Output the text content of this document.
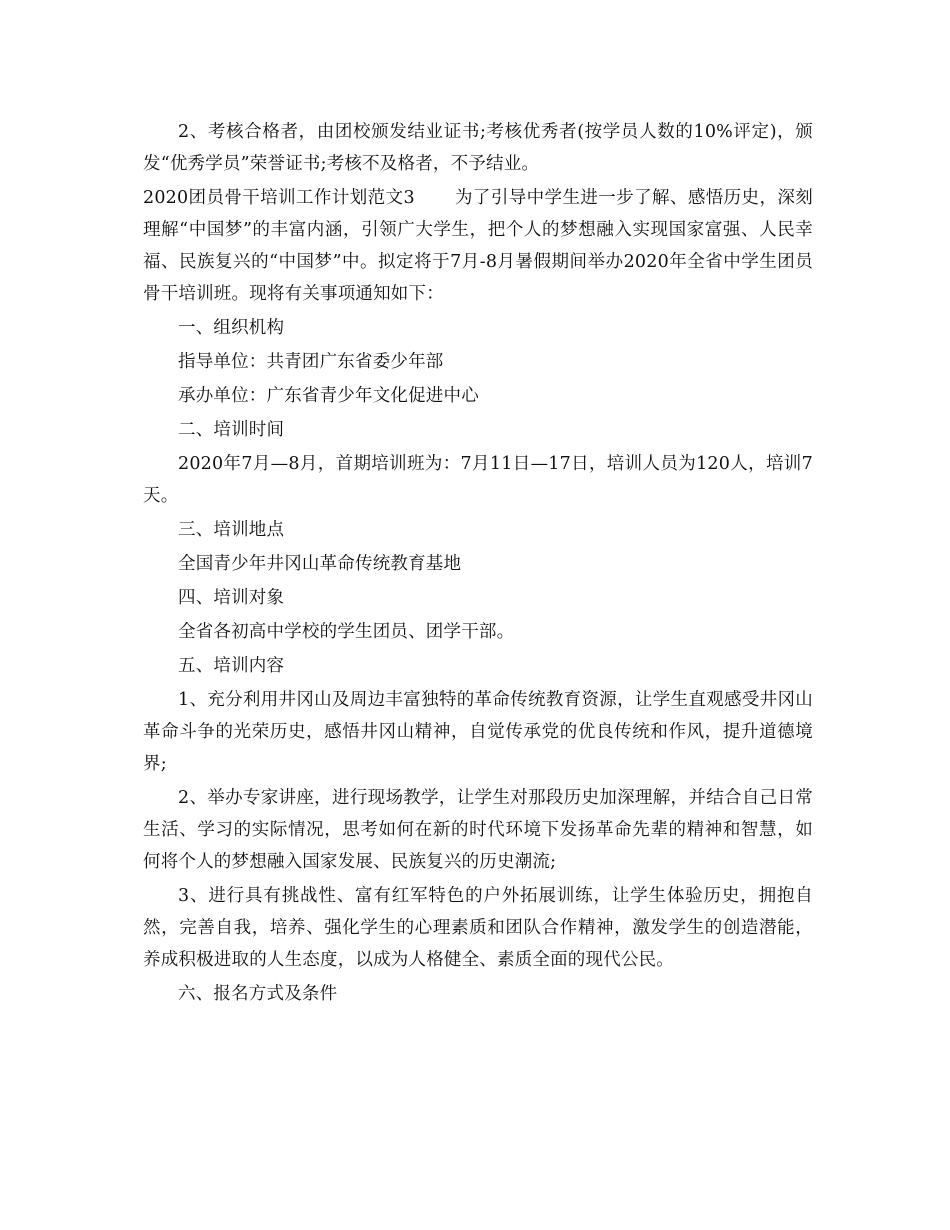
2、考核合格者，由团校颁发结业证书;考核优秀者(按学员人数的10%评定)，颁发“优秀学员”荣誉证书;考核不及格者，不予结业。

2020团员骨干培训工作计划范文3 为了引导中学生进一步了解、感悟历史，深刻理解“中国梦”的丰富内涵，引领广大学生，把个人的梦想融入实现国家富强、人民幸福、民族复兴的“中国梦”中。拟定将于7月-8月暑假期间举办2020年全省中学生团员骨干培训班。现将有关事项通知如下：

一、组织机构

指导单位：共青团广东省委少年部

承办单位：广东省青少年文化促进中心

二、培训时间

2020年7月—8月，首期培训班为：7月11日—17日，培训人员为120人，培训7天。

三、培训地点

全国青少年井冈山革命传统教育基地

四、培训对象

全省各初高中学校的学生团员、团学干部。

五、培训内容

1、充分利用井冈山及周边丰富独特的革命传统教育资源，让学生直观感受井冈山革命斗争的光荣历史，感悟井冈山精神，自觉传承党的优良传统和作风，提升道德境界;

2、举办专家讲座，进行现场教学，让学生对那段历史加深理解，并结合自己日常生活、学习的实际情况，思考如何在新的时代环境下发扬革命先辈的精神和智慧，如何将个人的梦想融入国家发展、民族复兴的历史潮流;

3、进行具有挑战性、富有红军特色的户外拓展训练，让学生体验历史，拥抱自然，完善自我，培养、强化学生的心理素质和团队合作精神，激发学生的创造潜能，养成积极进取的人生态度，以成为人格健全、素质全面的现代公民。

六、报名方式及条件
